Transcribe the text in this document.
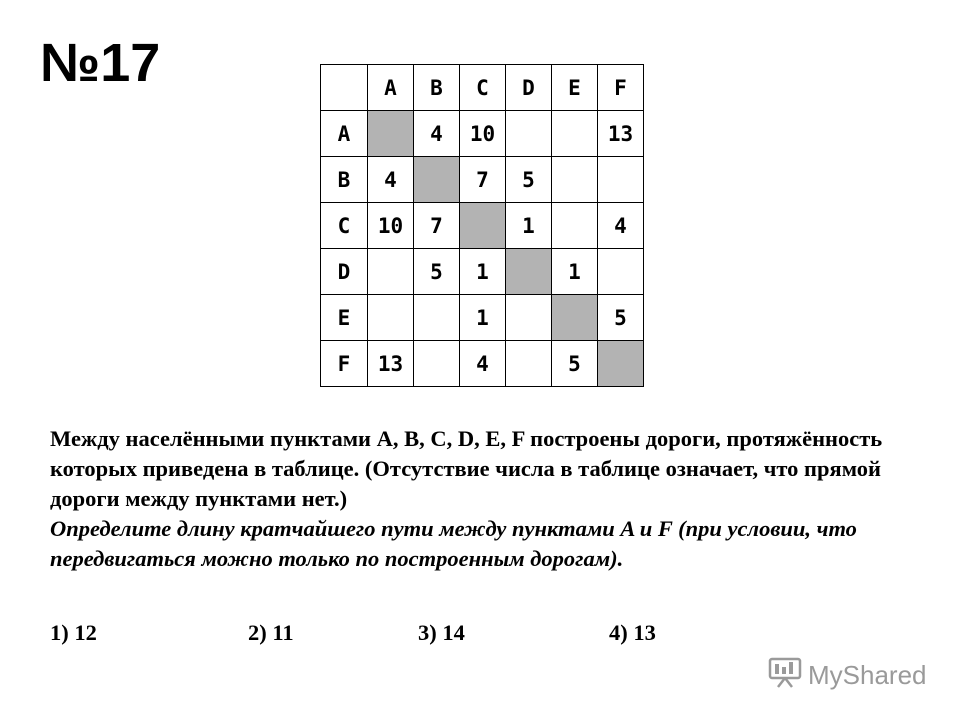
№17
		A	B	C	D	E	F
A		4	10			13
B	4		7	5		
C	10	7		1		4
D		5	1		1	
E			1			5
F	13		4		5	

Между населёнными пунктами A, B, C, D, E, F построены дороги, протяжённость которых приведена в таблице. (Отсутствие числа в таблице означает, что прямой дороги между пунктами нет.)

Определите длину кратчайшего пути между пунктами A и F (при условии, что передвигаться можно только по построенным дорогам).

1) 12	2) 11	3) 14	4) 13
MyShared
